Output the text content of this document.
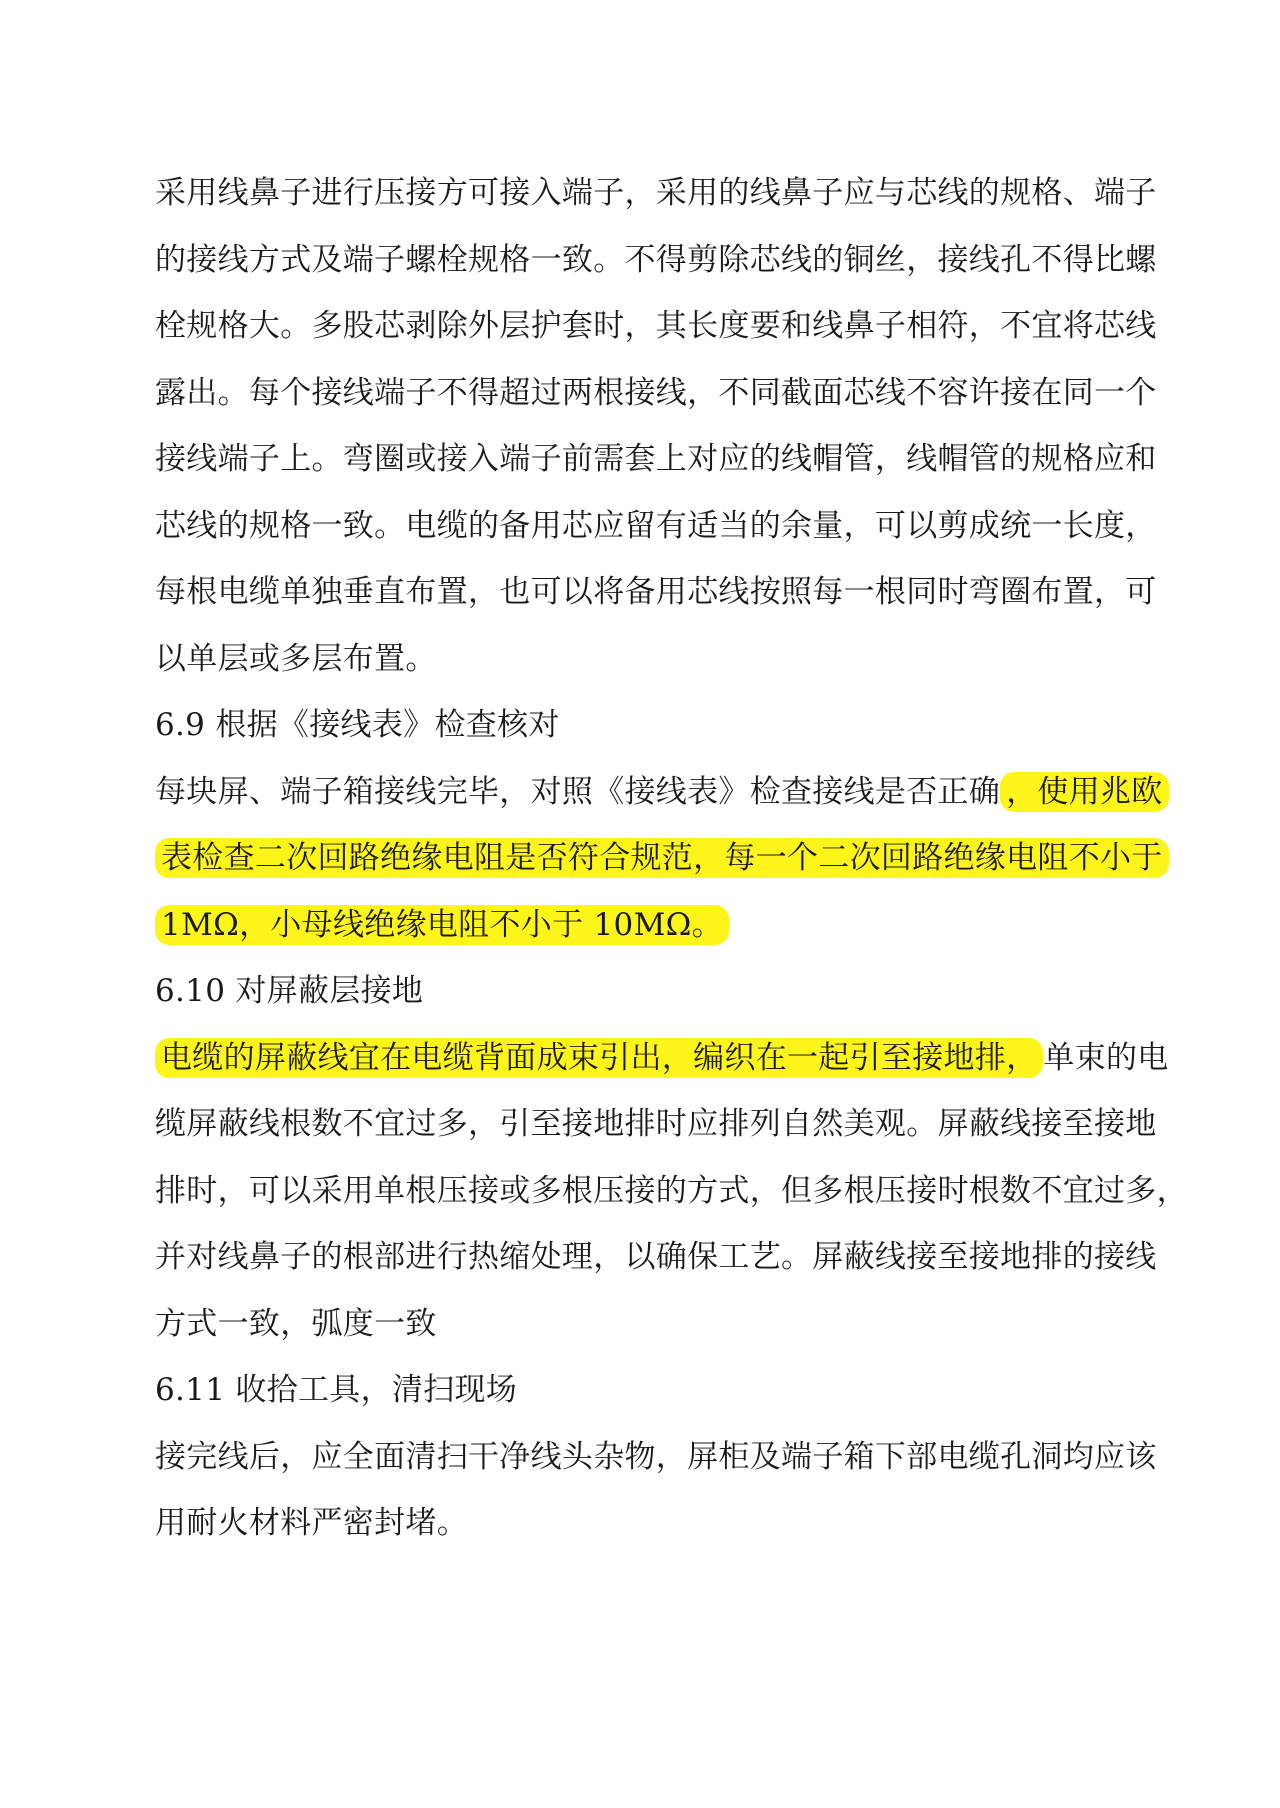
采用线鼻子进行压接方可接入端子，采用的线鼻子应与芯线的规格、端子
的接线方式及端子螺栓规格一致。不得剪除芯线的铜丝，接线孔不得比螺
栓规格大。多股芯剥除外层护套时，其长度要和线鼻子相符，不宜将芯线
露出。每个接线端子不得超过两根接线，不同截面芯线不容许接在同一个
接线端子上。弯圈或接入端子前需套上对应的线帽管，线帽管的规格应和
芯线的规格一致。电缆的备用芯应留有适当的余量，可以剪成统一长度，
每根电缆单独垂直布置，也可以将备用芯线按照每一根同时弯圈布置，可
以单层或多层布置。
6.9 根据《接线表》检查核对
每块屏、端子箱接线完毕，对照《接线表》检查接线是否正确 ，使用兆欧
表检查二次回路绝缘电阻是否符合规范，每一个二次回路绝缘电阻不小于
1MΩ，小母线绝缘电阻不小于 10MΩ。
6.10 对屏蔽层接地
电缆的屏蔽线宜在电缆背面成束引出，编织在一起引至接地排， 单束的电
缆屏蔽线根数不宜过多，引至接地排时应排列自然美观。屏蔽线接至接地
排时，可以采用单根压接或多根压接的方式，但多根压接时根数不宜过多，
并对线鼻子的根部进行热缩处理，以确保工艺。屏蔽线接至接地排的接线
方式一致，弧度一致
6.11 收拾工具，清扫现场
接完线后，应全面清扫干净线头杂物，屏柜及端子箱下部电缆孔洞均应该
用耐火材料严密封堵。
